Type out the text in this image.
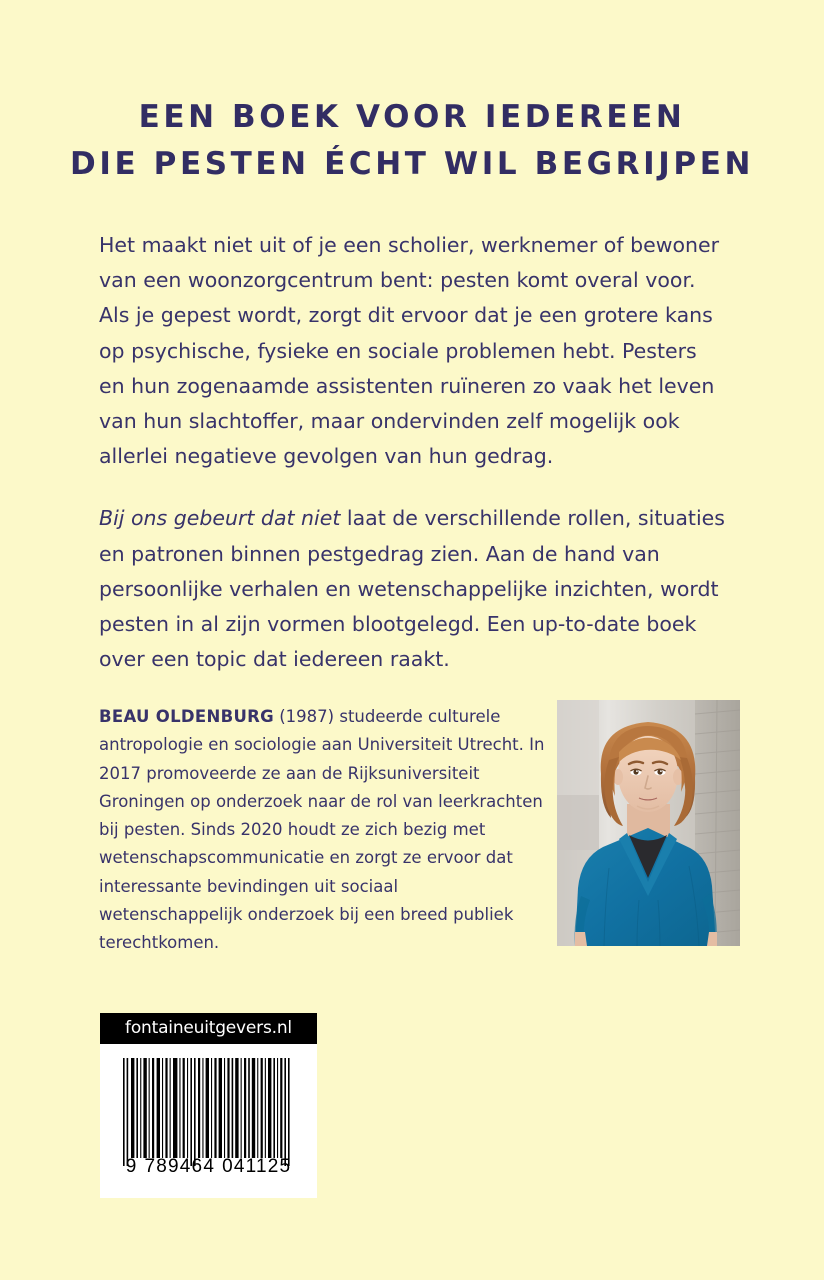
EEN BOEK VOOR IEDEREEN
DIE PESTEN ÉCHT WIL BEGRIJPEN

Het maakt niet uit of je een scholier, werknemer of bewoner van een woonzorgcentrum bent: pesten komt overal voor. Als je gepest wordt, zorgt dit ervoor dat je een grotere kans op psychische, fysieke en sociale problemen hebt. Pesters en hun zogenaamde assistenten ruïneren zo vaak het leven van hun slachtoffer, maar ondervinden zelf mogelijk ook allerlei negatieve gevolgen van hun gedrag.

Bij ons gebeurt dat niet laat de verschillende rollen, situaties en patronen binnen pestgedrag zien. Aan de hand van persoonlijke verhalen en wetenschappelijke inzichten, wordt pesten in al zijn vormen blootgelegd. Een up-to-date boek over een topic dat iedereen raakt.

BEAU OLDENBURG (1987) studeerde culturele antropologie en sociologie aan Universiteit Utrecht. In 2017 promoveerde ze aan de Rijksuniversiteit Groningen op onderzoek naar de rol van leerkrachten bij pesten. Sinds 2020 houdt ze zich bezig met wetenschapscommunicatie en zorgt ze ervoor dat interessante bevindingen uit sociaal wetenschappelijk onderzoek bij een breed publiek terechtkomen.
fontaineuitgevers.nl
9 789464 041125
